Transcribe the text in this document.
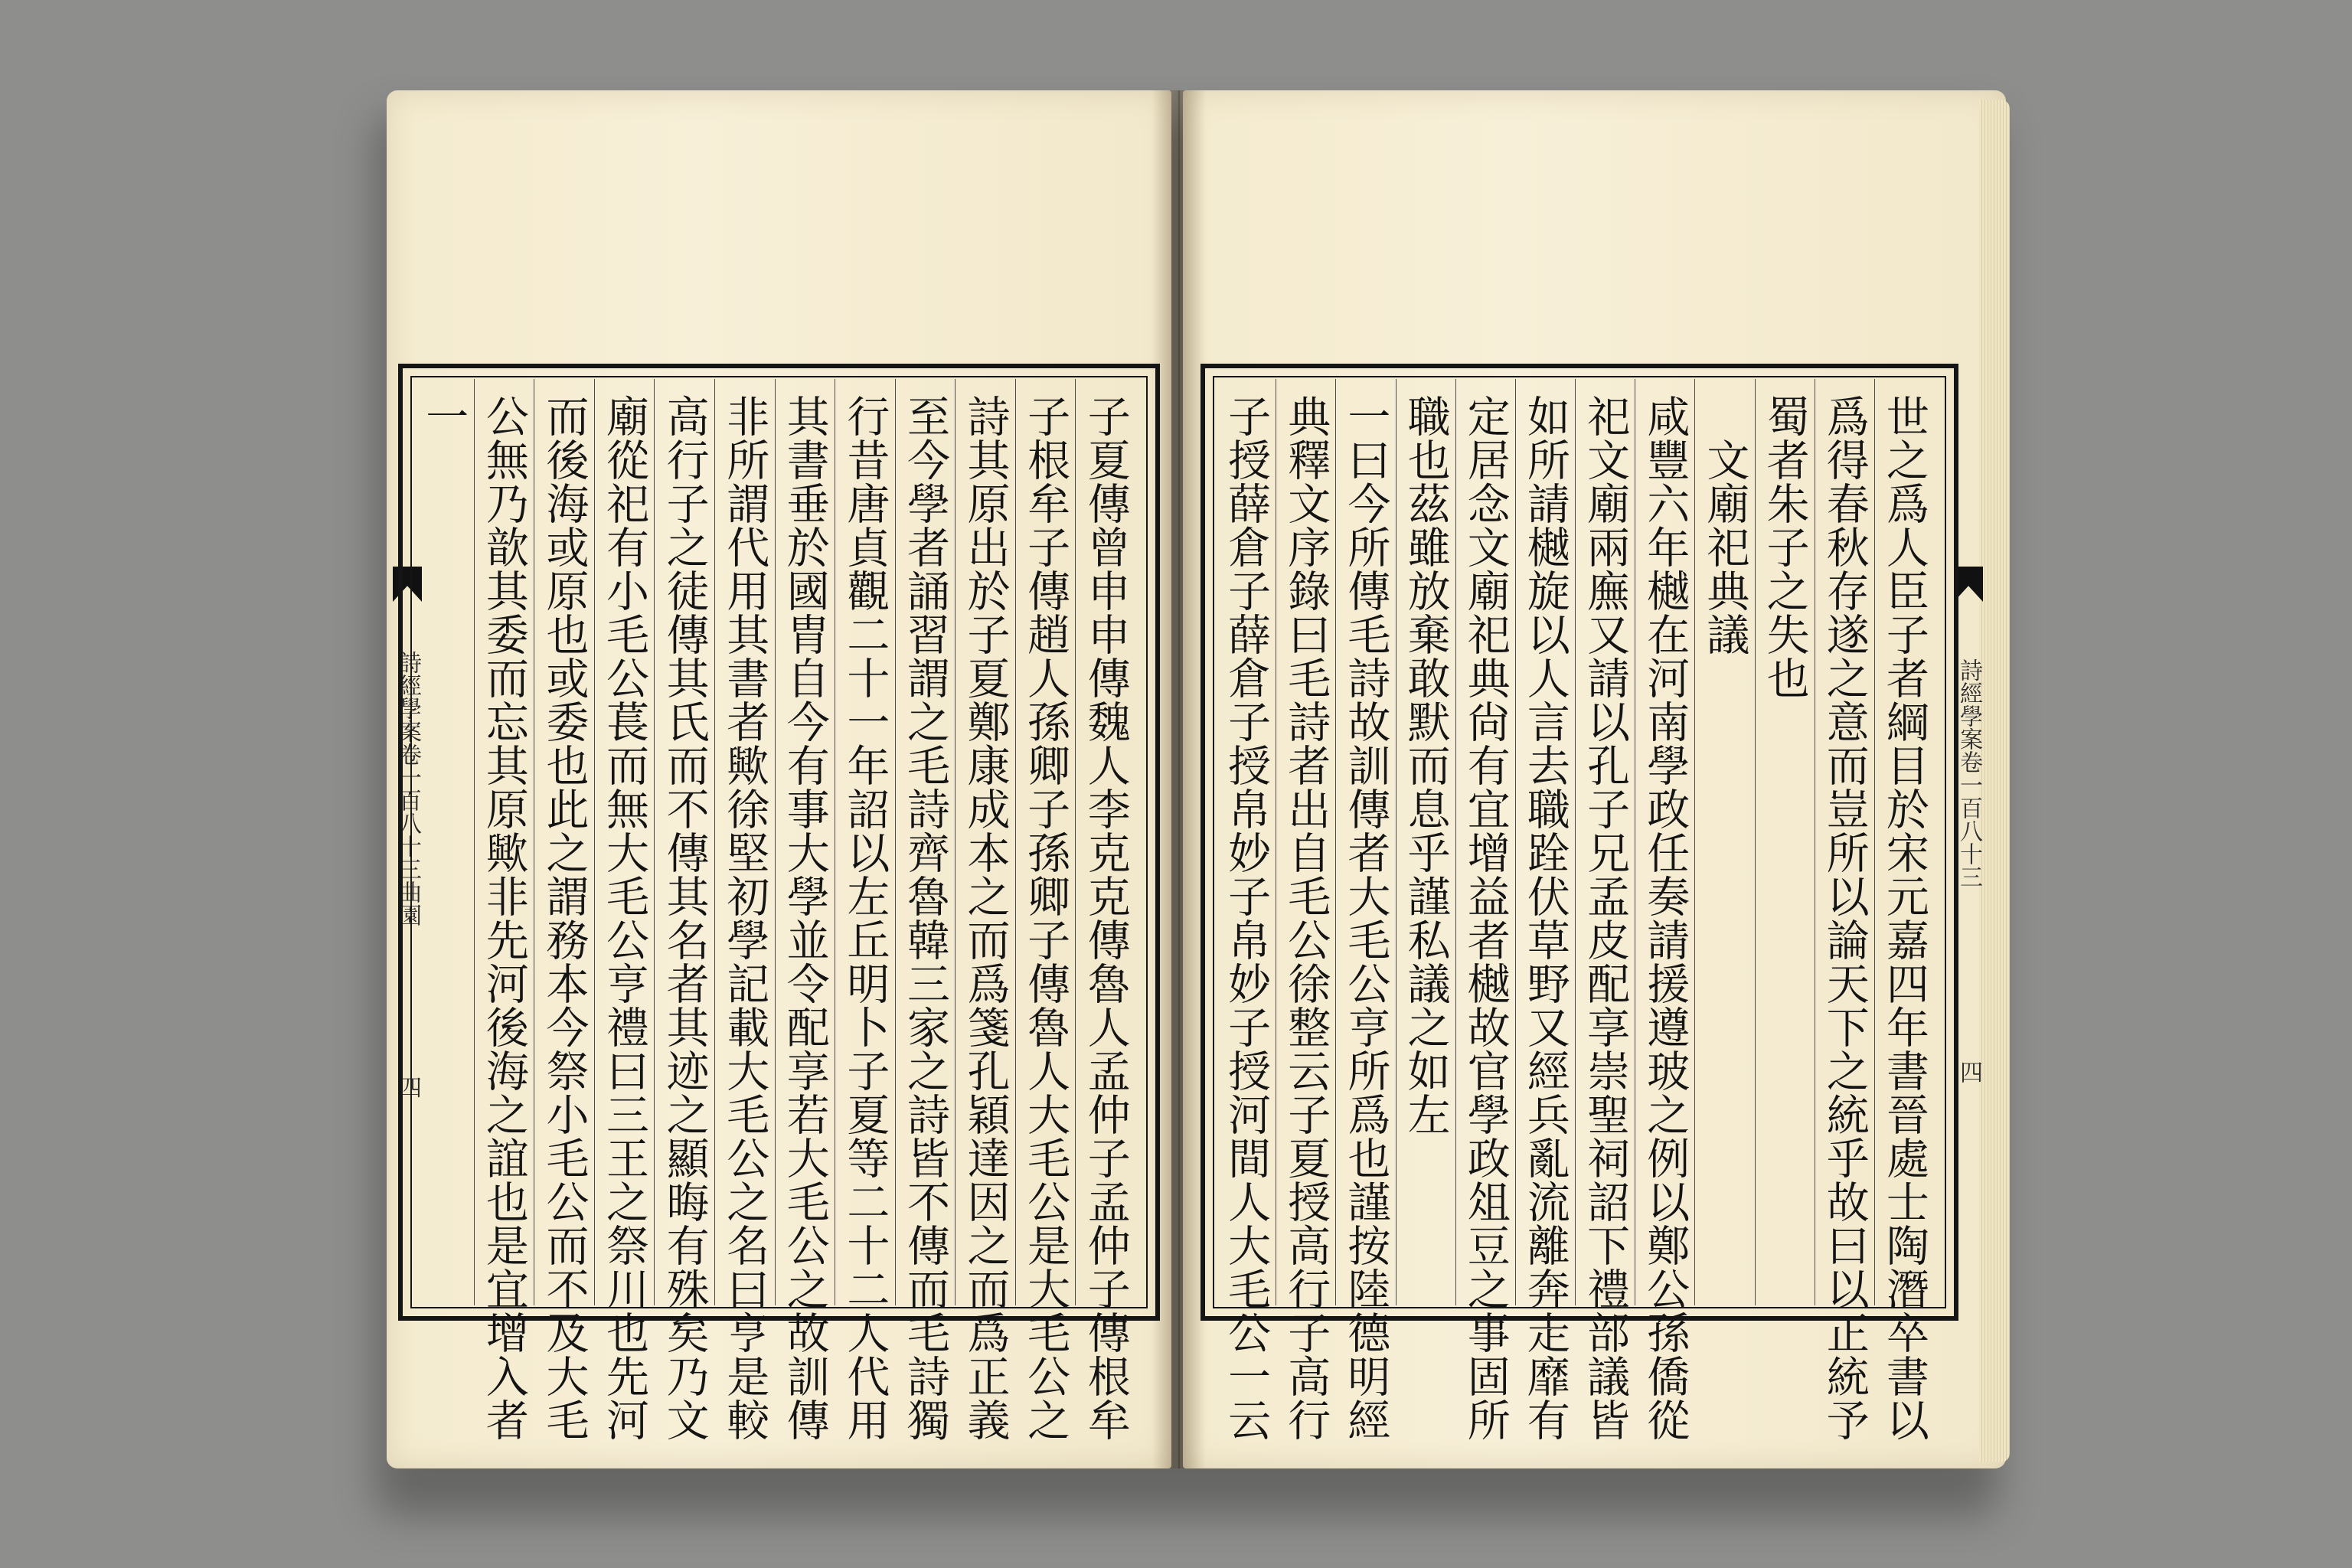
詩經學案卷一百八十三曲園
四
詩經學案卷一百八十三
四
子夏傳曾申申傳魏人李克克傳魯人孟仲子孟仲子傳根牟
子根牟子傳趙人孫卿子孫卿子傳魯人大毛公是大毛公之
詩其原出於子夏鄭康成本之而爲箋孔穎達因之而爲正義
至今學者誦習謂之毛詩齊魯韓三家之詩皆不傳而毛詩獨
行昔唐貞觀二十一年詔以左丘明卜子夏等二十二人代用
其書垂於國胄自今有事大學並令配享若大毛公之故訓傳
非所謂代用其書者歟徐堅初學記載大毛公之名曰亨是較
高行子之徒傳其氏而不傳其名者其迹之顯晦有殊矣乃文
廟從祀有小毛公萇而無大毛公亨禮曰三王之祭川也先河
而後海或原也或委也此之謂務本今祭小毛公而不及大毛
公無乃歆其委而忘其原歟非先河後海之誼也是宜增入者
一	世之爲人臣子者綱目於宋元嘉四年書晉處士陶潛卒書以
爲得春秋存遂之意而豈所以論天下之統乎故曰以正統予
蜀者朱子之失也
　文廟祀典議
咸豐六年樾在河南學政任奏請援遵玻之例以鄭公孫僑從
祀文廟兩廡又請以孔子兄孟皮配享崇聖祠詔下禮部議皆
如所請樾旋以人言去職跧伏草野又經兵亂流離奔走靡有
定居念文廟祀典尙有宜增益者樾故官學政俎豆之事固所
職也茲雖放棄敢默而息乎謹私議之如左
一曰今所傳毛詩故訓傳者大毛公亨所爲也謹按陸德明經
典釋文序錄曰毛詩者出自毛公徐整云子夏授高行子高行
子授薛倉子薛倉子授帛妙子帛妙子授河間人大毛公一云
